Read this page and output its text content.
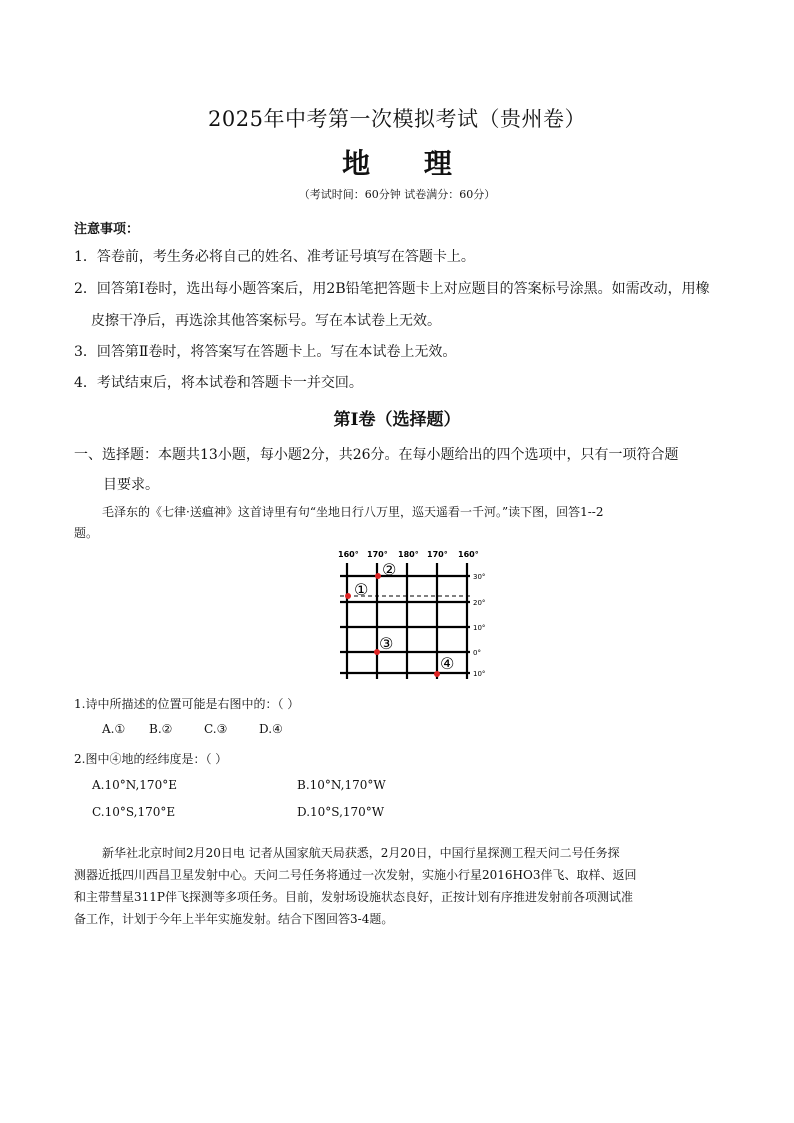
2025年中考第一次模拟考试（贵州卷）
地 理
（考试时间：60分钟 试卷满分：60分）
注意事项：
1．答卷前，考生务必将自己的姓名、准考证号填写在答题卡上。
2．回答第Ⅰ卷时，选出每小题答案后，用2B铅笔把答题卡上对应题目的答案标号涂黑。如需改动，用橡
皮擦干净后，再选涂其他答案标号。写在本试卷上无效。
3．回答第Ⅱ卷时，将答案写在答题卡上。写在本试卷上无效。
4．考试结束后，将本试卷和答题卡一并交回。
第Ⅰ卷（选择题）
一、选择题：本题共13小题，每小题2分，共26分。在每小题给出的四个选项中，只有一项符合题
目要求。
毛泽东的《七律·送瘟神》这首诗里有句“坐地日行八万里，巡天遥看一千河。”读下图，回答1--2
题。
160° 170° 180° 170° 160°
30°
20°
10°
0°
10°
①
②
③
④
1.诗中所描述的位置可能是右图中的：（ ）
A.① B.②	C.③	D.④
2.图中④地的经纬度是：（ ）
A.10°N,170°E	B.10°N,170°W
C.10°S,170°E	D.10°S,170°W
新华社北京时间2月20日电 记者从国家航天局获悉，2月20日，中国行星探测工程天问二号任务探
测器近抵四川西昌卫星发射中心。天问二号任务将通过一次发射，实施小行星2016HO3伴飞、取样、返回
和主带彗星311P伴飞探测等多项任务。目前，发射场设施状态良好，正按计划有序推进发射前各项测试准
备工作，计划于今年上半年实施发射。结合下图回答3-4题。
